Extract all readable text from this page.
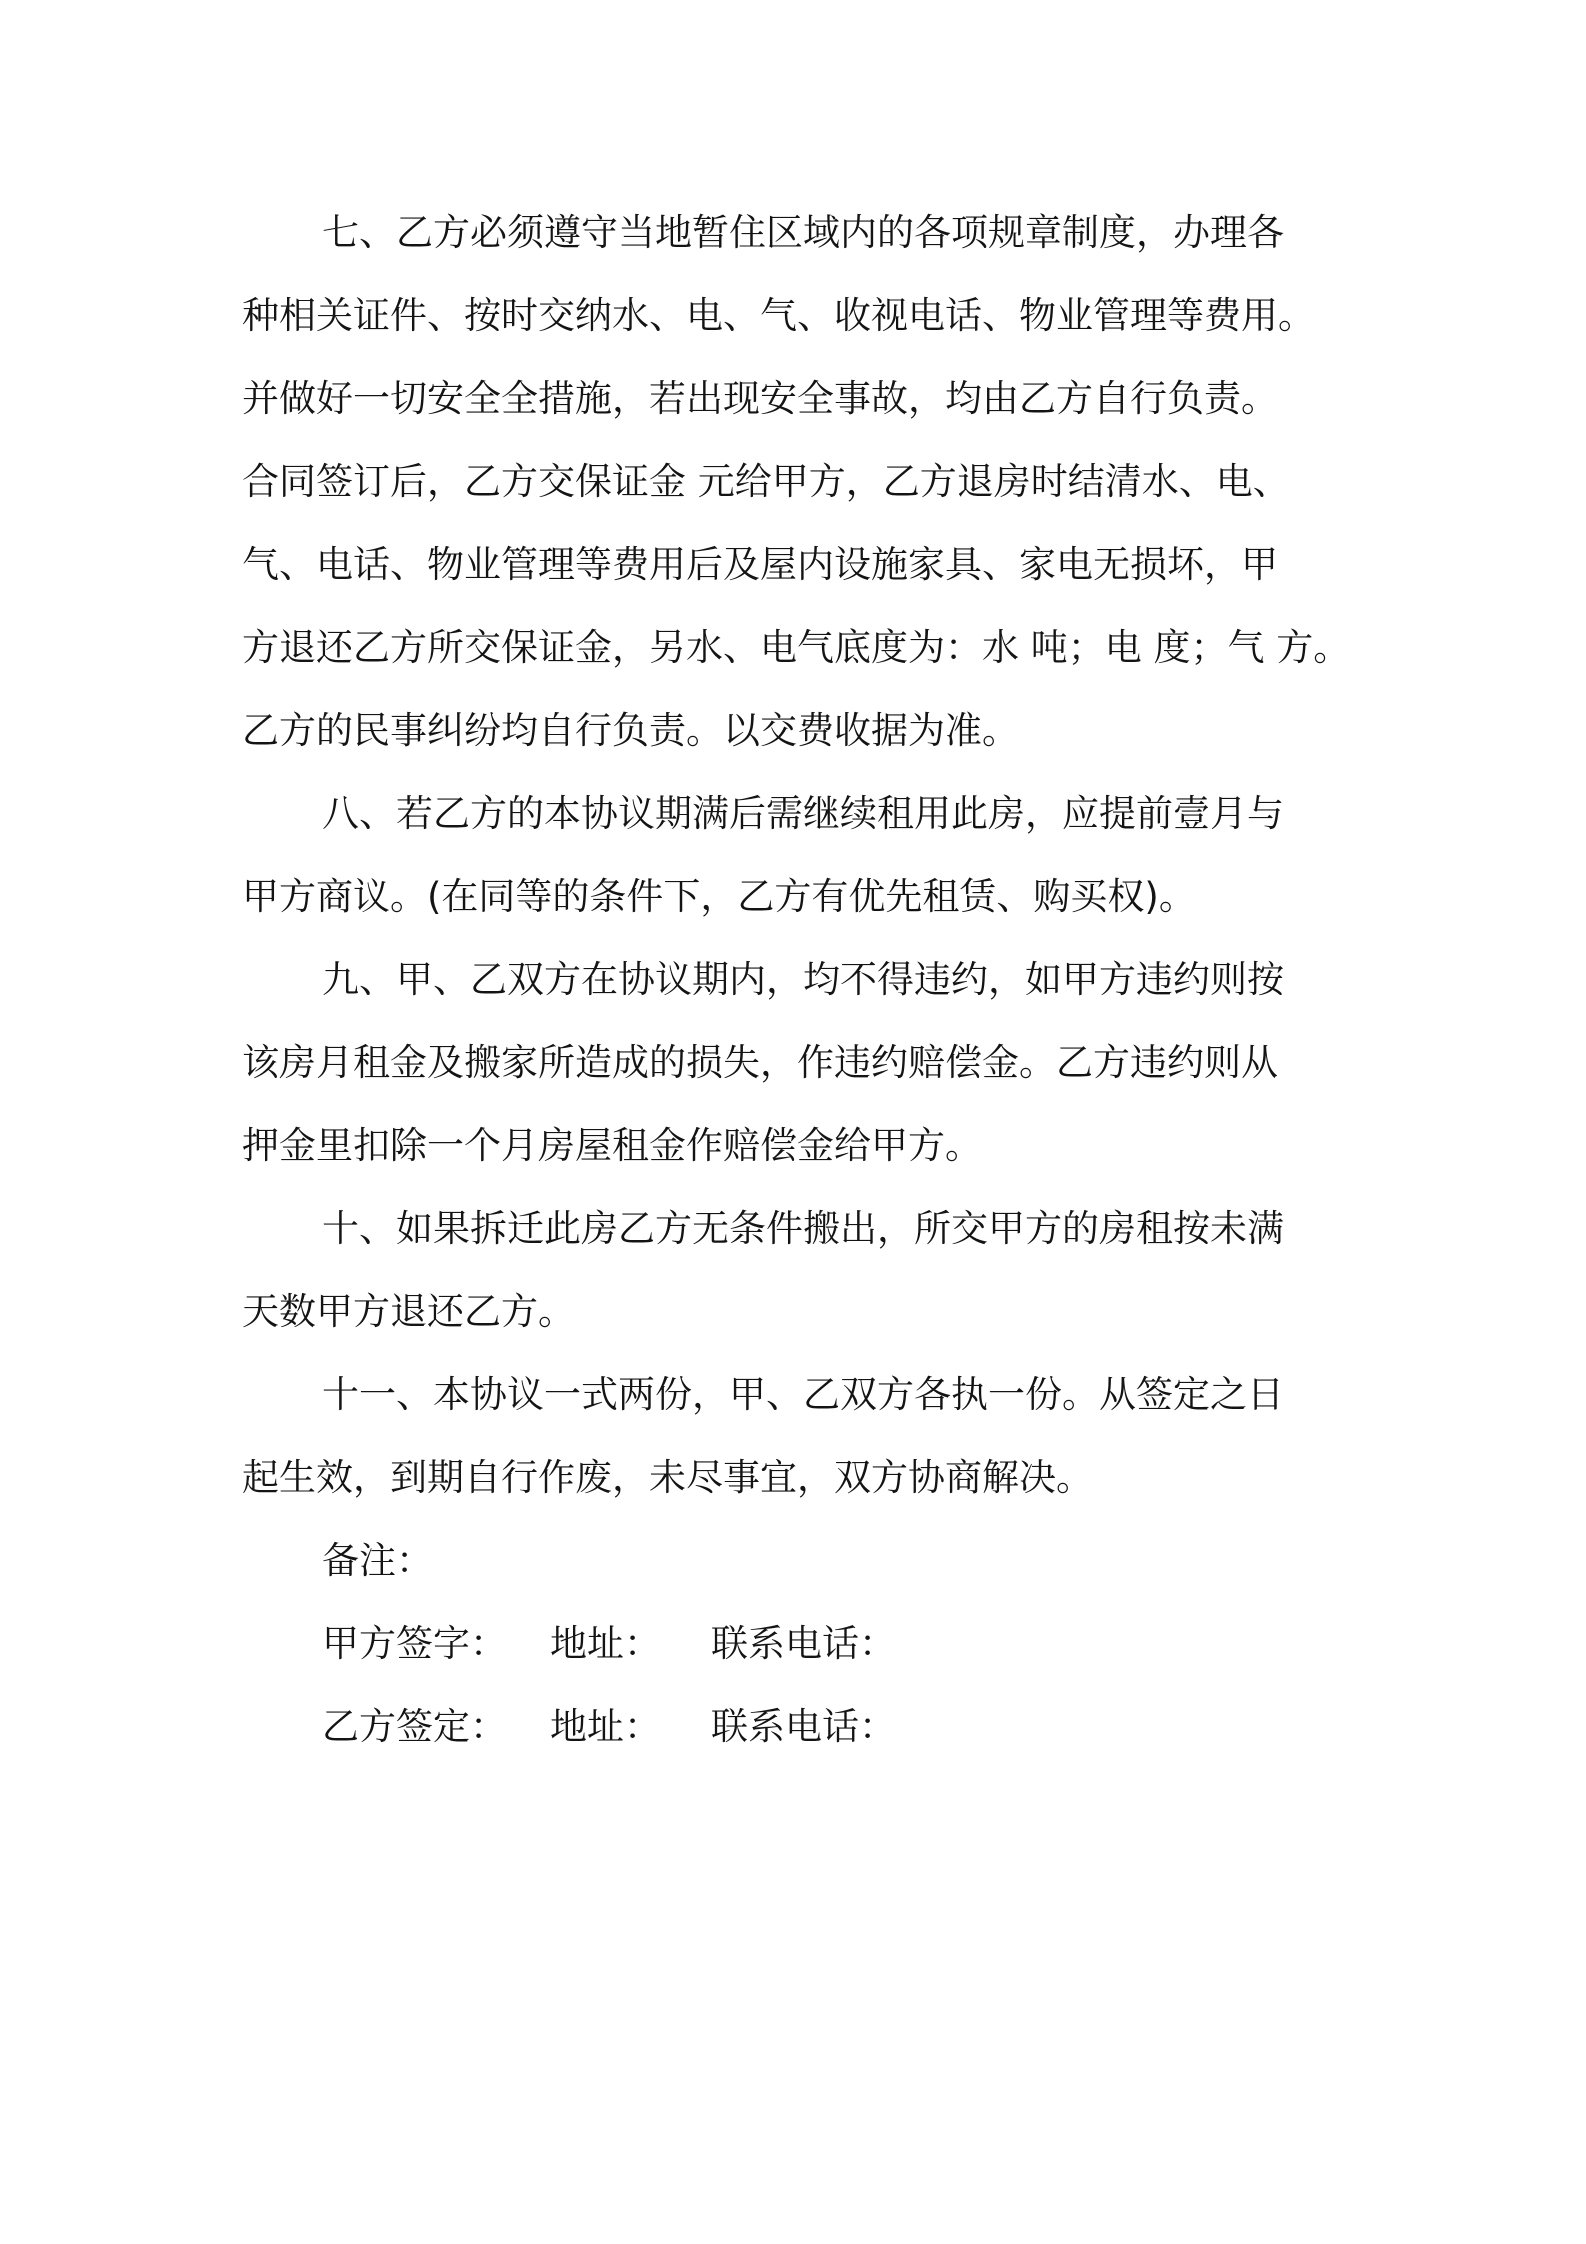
七、乙方必须遵守当地暂住区域内的各项规章制度，办理各
种相关证件、按时交纳水、电、气、收视电话、物业管理等费用。
并做好一切安全全措施，若出现安全事故，均由乙方自行负责。
合同签订后，乙方交保证金 元给甲方，乙方退房时结清水、电、
气、电话、物业管理等费用后及屋内设施家具、家电无损坏，甲
方退还乙方所交保证金，另水、电气底度为：水 吨；电 度；气 方。
乙方的民事纠纷均自行负责。以交费收据为准。
八、若乙方的本协议期满后需继续租用此房，应提前壹月与
甲方商议。(在同等的条件下，乙方有优先租赁、购买权)。
九、甲、乙双方在协议期内，均不得违约，如甲方违约则按
该房月租金及搬家所造成的损失，作违约赔偿金。乙方违约则从
押金里扣除一个月房屋租金作赔偿金给甲方。
十、如果拆迁此房乙方无条件搬出，所交甲方的房租按未满
天数甲方退还乙方。
十一、本协议一式两份，甲、乙双方各执一份。从签定之日
起生效，到期自行作废，未尽事宜，双方协商解决。
备注：
甲方签字： 地址： 联系电话：
乙方签定： 地址： 联系电话：
